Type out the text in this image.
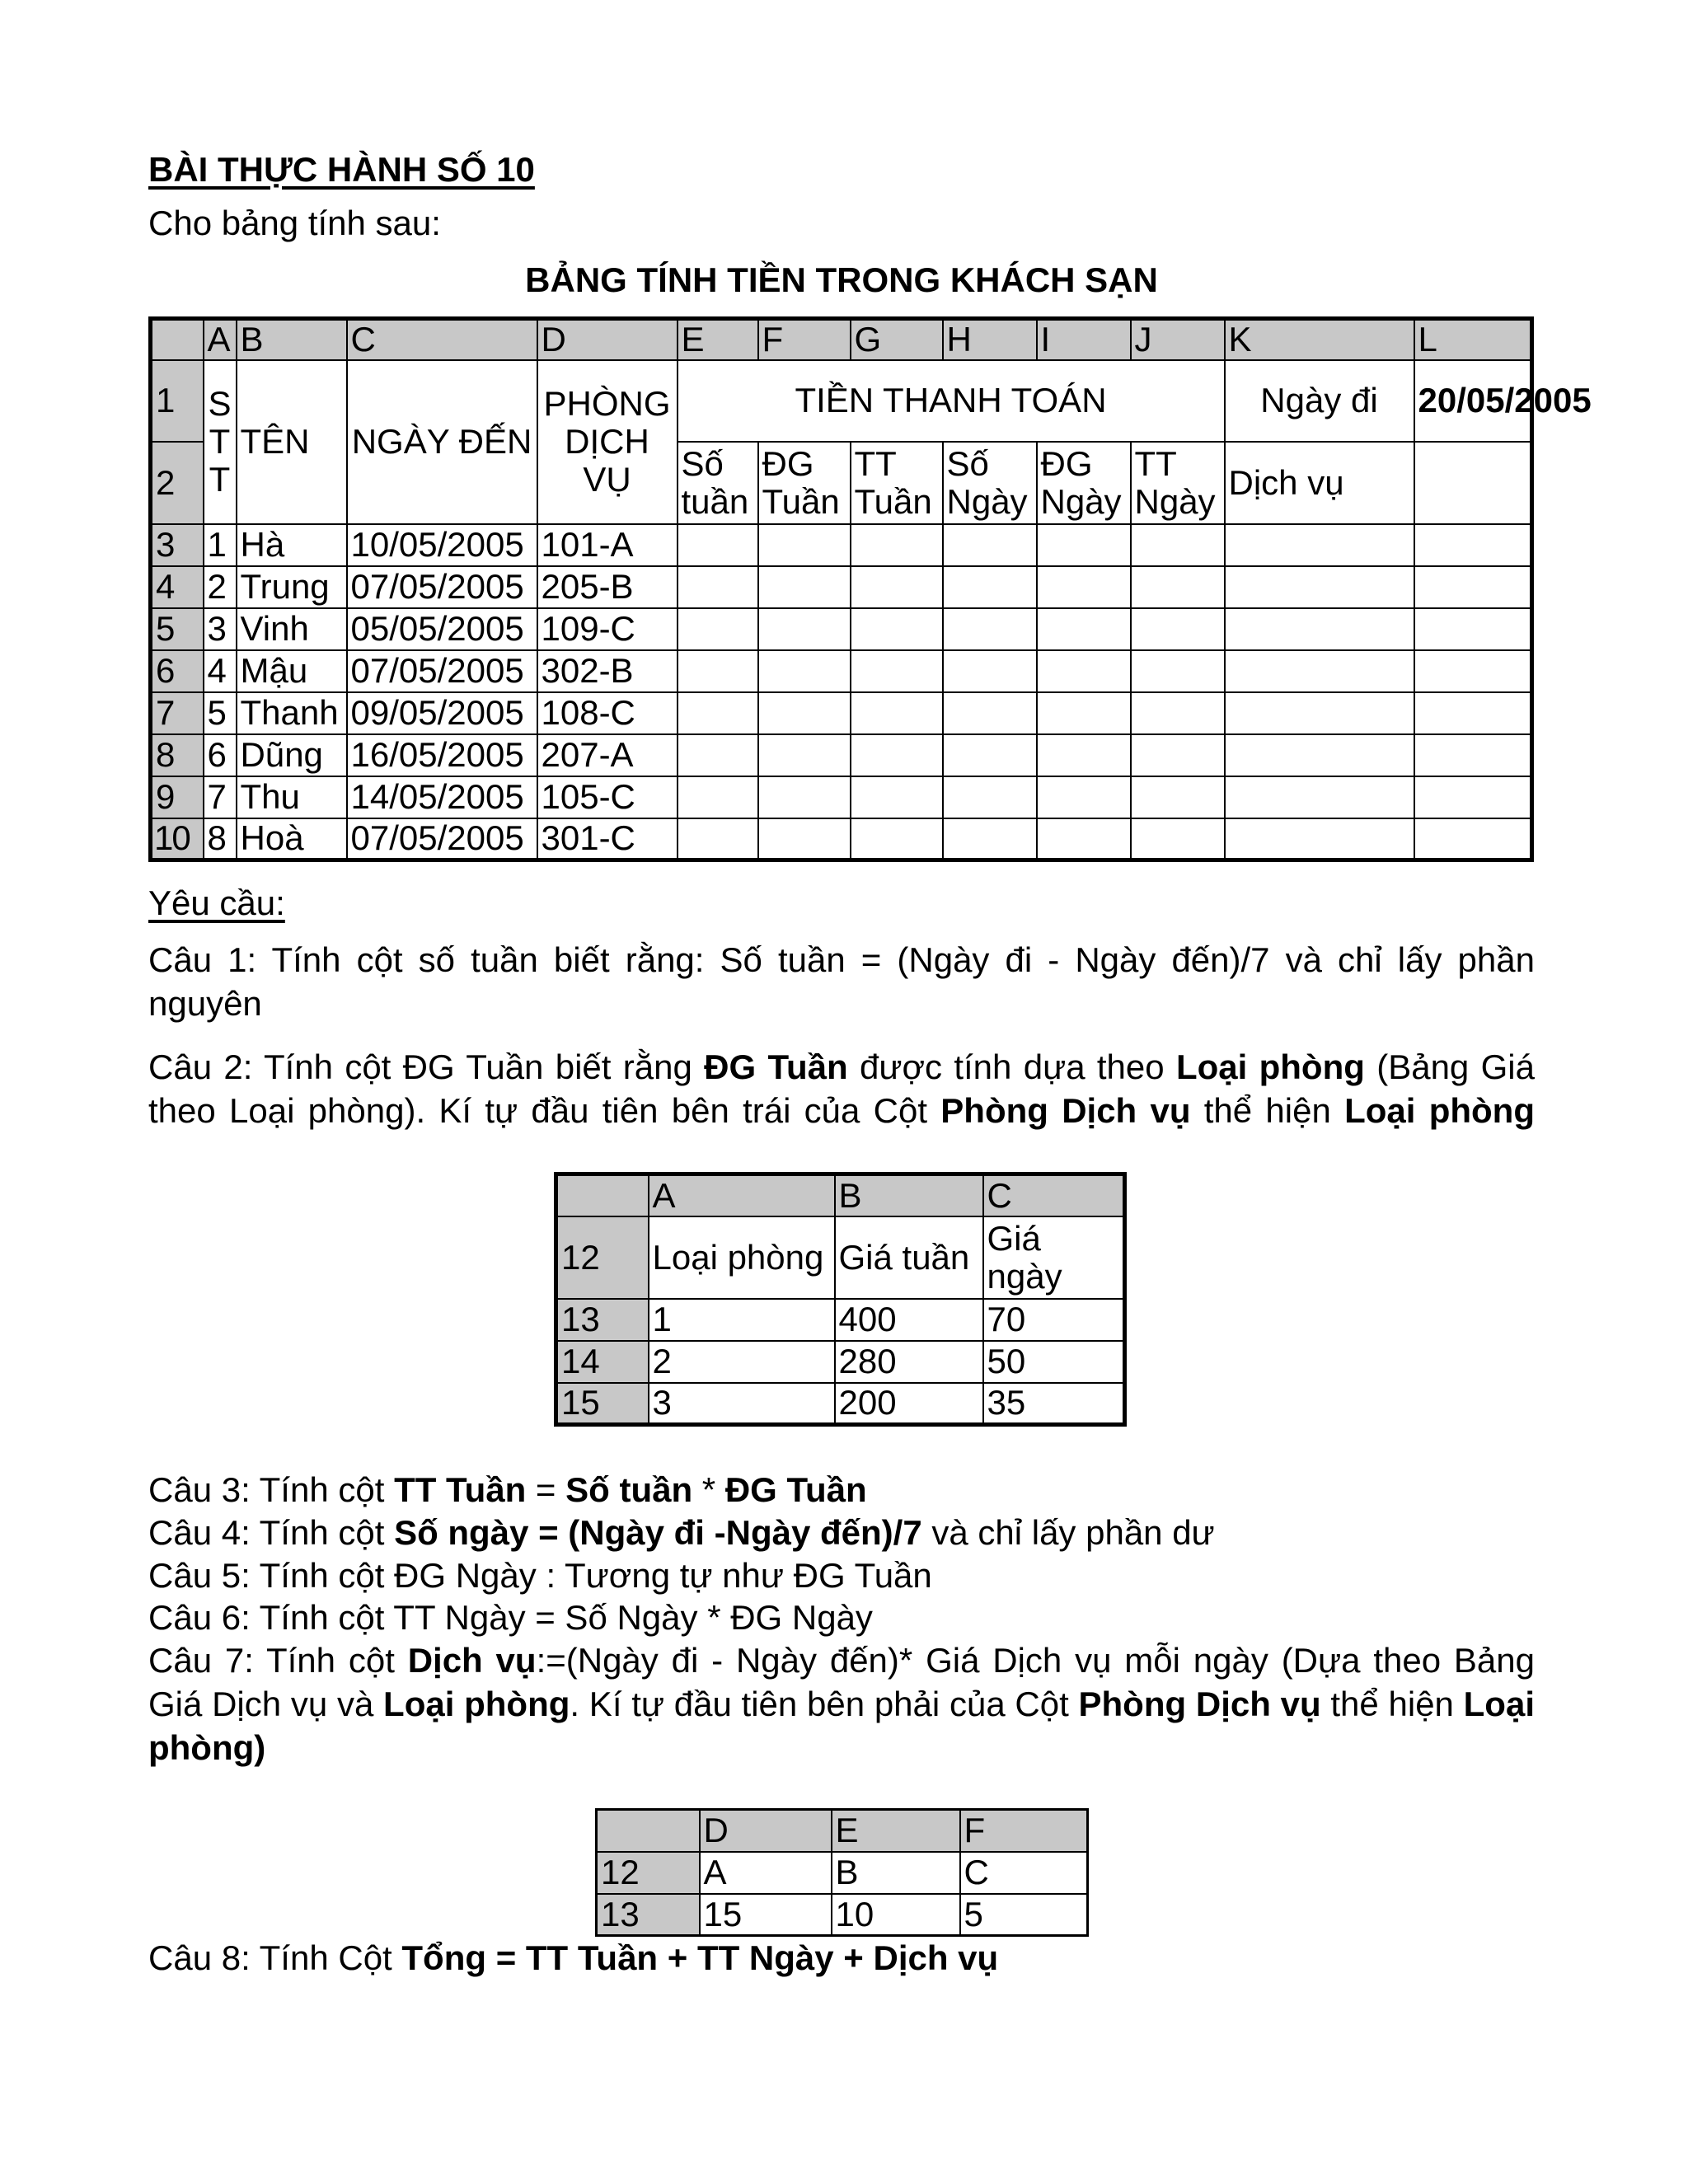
BÀI THỰC HÀNH SỐ 10
Cho bảng tính sau:
BẢNG TÍNH TIỀN TRONG KHÁCH SẠN
	A	B	C	D	E	F	G	H	I	J	K	L	
1	S
T
T	TÊN	NGÀY ĐẾN	PHÒNG DỊCH VỤ	TIỀN THANH TOÁN						Ngày đi	20/05/2005	
2					Số tuần	ĐG Tuần	TT Tuần	Số Ngày	ĐG Ngày	TT Ngày	Dịch vụ		
3	1	Hà	10/05/2005	101-A									
4	2	Trung	07/05/2005	205-B									
5	3	Vinh	05/05/2005	109-C									
6	4	Mậu	07/05/2005	302-B									
7	5	Thanh	09/05/2005	108-C									
8	6	Dũng	16/05/2005	207-A									
9	7	Thu	14/05/2005	105-C									
10	8	Hoà	07/05/2005	301-C									
Yêu cầu:
Câu 1: Tính cột số tuần biết rằng: Số tuần = (Ngày đi - Ngày đến)/7 và chỉ lấy phần nguyên
Câu 2: Tính cột ĐG Tuần biết rằng ĐG Tuần được tính dựa theo Loại phòng (Bảng Giá theo Loại phòng). Kí tự đầu tiên bên trái của Cột Phòng Dịch vụ thể hiện Loại phòng
	A	B	C
12	Loại phòng	Giá tuần	Giá ngày
13	1	400	70
14	2	280	50
15	3	200	35
Câu 3: Tính cột TT Tuần = Số tuần * ĐG Tuần
Câu 4: Tính cột Số ngày = (Ngày đi -Ngày đến)/7 và chỉ lấy phần dư
Câu 5: Tính cột ĐG Ngày : Tương tự như ĐG Tuần
Câu 6: Tính cột TT Ngày = Số Ngày * ĐG Ngày
Câu 7: Tính cột Dịch vụ:=(Ngày đi - Ngày đến)* Giá Dịch vụ mỗi ngày (Dựa theo Bảng Giá Dịch vụ và Loại phòng. Kí tự đầu tiên bên phải của Cột Phòng Dịch vụ thể hiện Loại phòng)
	D	E	F
12	A	B	C
13	15	10	5
Câu 8: Tính Cột Tổng = TT Tuần + TT Ngày + Dịch vụ
